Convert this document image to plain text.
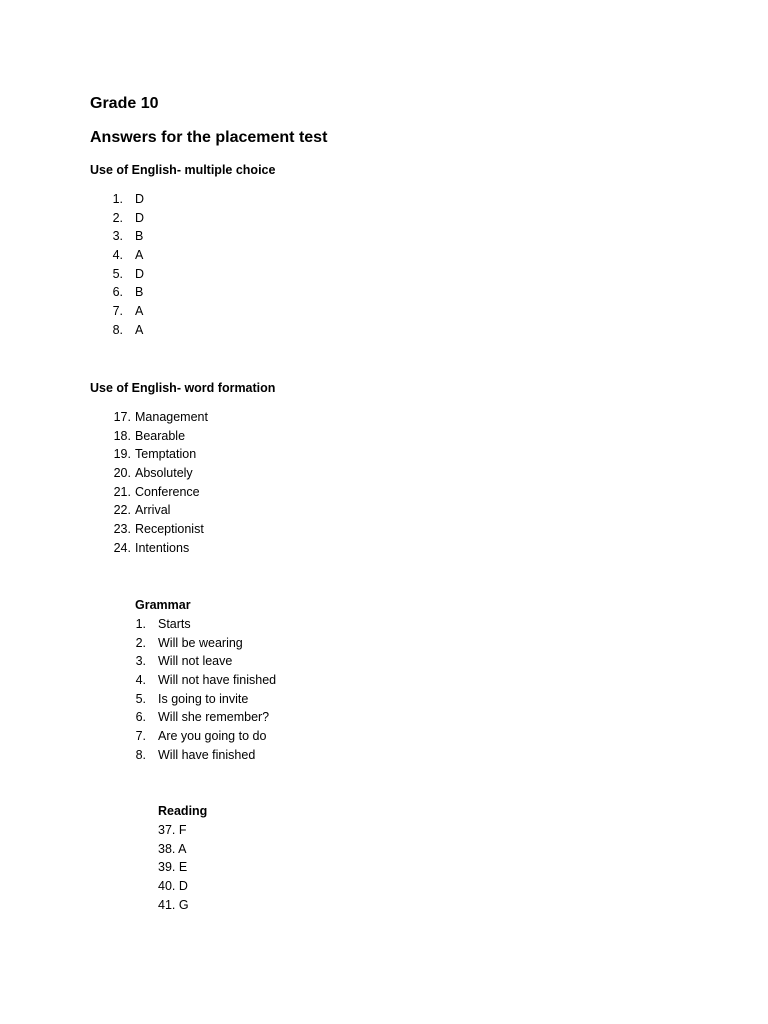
Grade 10
Answers for the placement test
Use of English- multiple choice
1. D
2. D
3. B
4. A
5. D
6. B
7. A
8. A
Use of English- word formation
17. Management
18. Bearable
19. Temptation
20. Absolutely
21. Conference
22. Arrival
23. Receptionist
24. Intentions
Grammar
1. Starts
2. Will be wearing
3. Will not leave
4. Will not have finished
5. Is going to invite
6. Will she remember?
7. Are you going to do
8. Will have finished
Reading
37. F
38. A
39. E
40. D
41. G
